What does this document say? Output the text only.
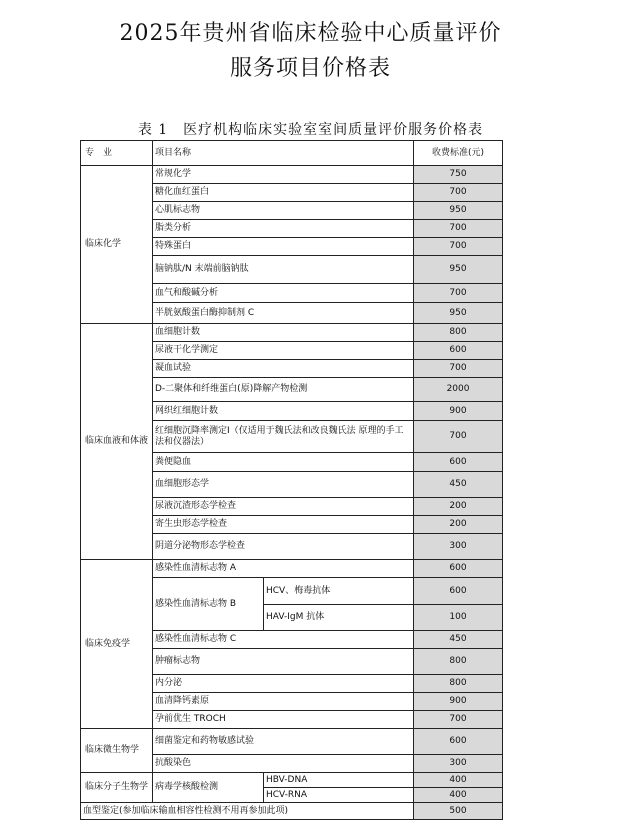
2025年贵州省临床检验中心质量评价
服务项目价格表
表 1　医疗机构临床实验室室间质量评价服务价格表
专　业	项目名称		收费标准(元)
临床化学	常规化学		750
	糖化血红蛋白		700
	心肌标志物		950
	脂类分析		700
	特殊蛋白		700
	脑钠肽/N 末端前脑钠肽		950
	血气和酸碱分析		700
	半胱氨酸蛋白酶抑制剂 C		950
临床血液和体液	血细胞计数		800
	尿液干化学测定		600
	凝血试验		700
	D-二聚体和纤维蛋白(原)降解产物检测		2000
	网织红细胞计数		900
	红细胞沉降率测定Ⅰ（仅适用于魏氏法和改良魏氏法 原理的手工法和仪器法）		700
	粪便隐血		600
	血细胞形态学		450
	尿液沉渣形态学检查		200
	寄生虫形态学检查		200
	阴道分泌物形态学检查		300
临床免疫学	感染性血清标志物 A		600
	感染性血清标志物 B	HCV、梅毒抗体	600
		HAV-IgM 抗体	100
	感染性血清标志物 C		450
	肿瘤标志物		800
	内分泌		800
	血清降钙素原		900
	孕前优生 TROCH		700
临床微生物学	细菌鉴定和药物敏感试验		600
	抗酸染色		300
临床分子生物学	病毒学核酸检测	HBV-DNA	400
		HCV-RNA	400
血型鉴定(参加临床输血相容性检测不用再参加此项)			500
